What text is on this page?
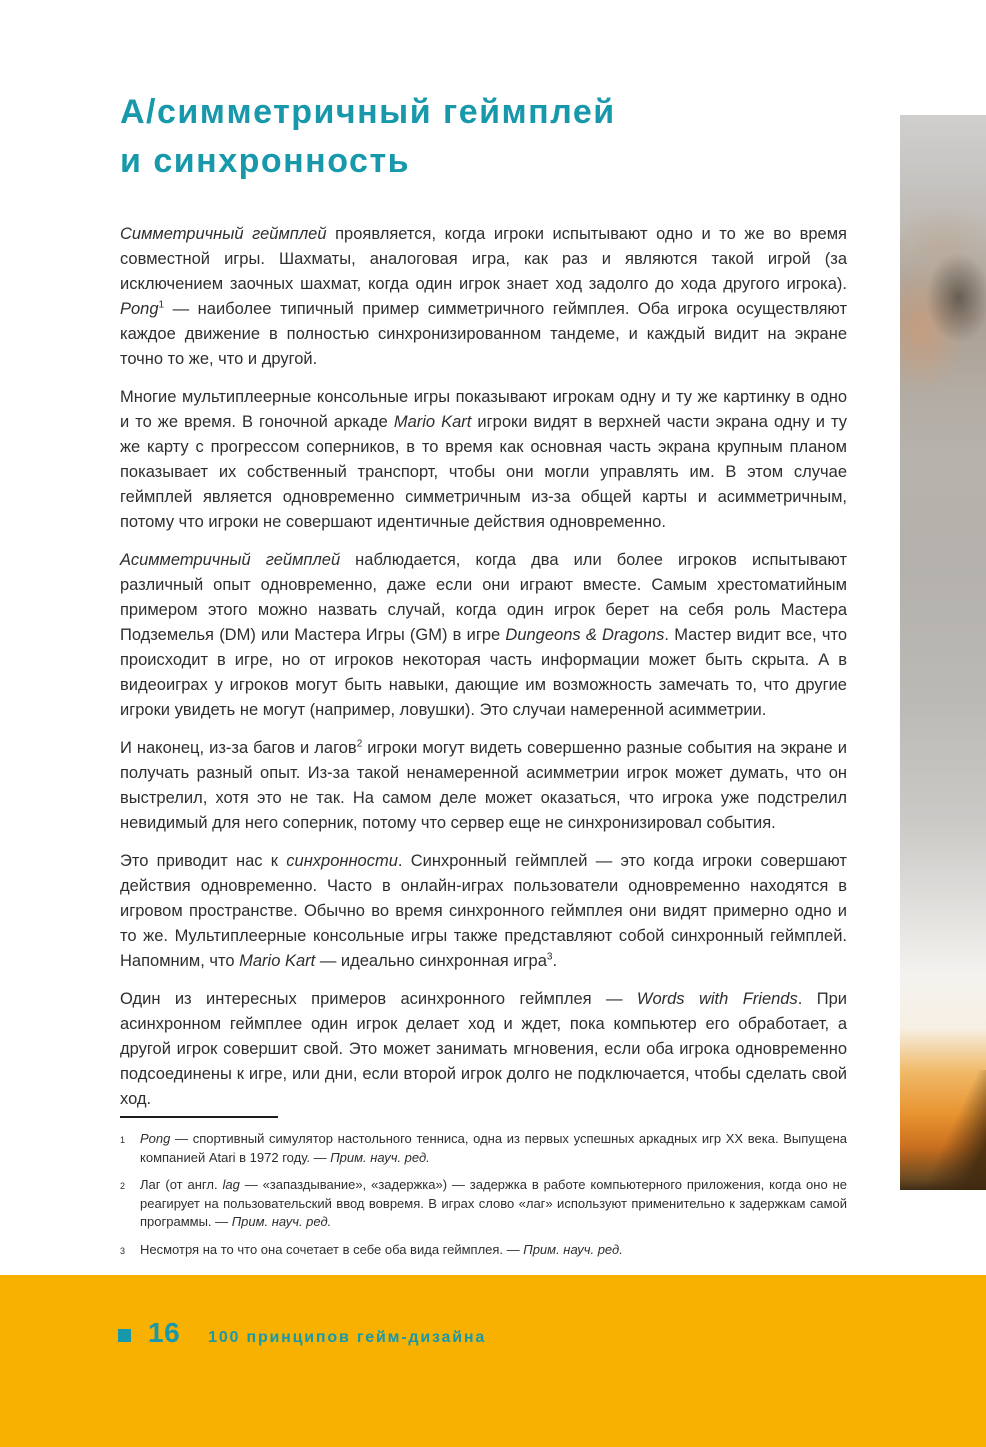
А/симметричный геймплей
и синхронность

Симметричный геймплей проявляется, когда игроки испытывают одно и то же во время совместной игры. Шахматы, аналоговая игра, как раз и являются такой игрой (за исключением заочных шахмат, когда один игрок знает ход задолго до хода другого игрока). Pong$^1$ — наиболее типичный пример симметричного геймплея. Оба игрока осуществляют каждое движение в полностью синхронизированном тандеме, и каждый видит на экране точно то же, что и другой.

Многие мультиплеерные консольные игры показывают игрокам одну и ту же картинку в одно и то же время. В гоночной аркаде Mario Kart игроки видят в верхней части экрана одну и ту же карту с прогрессом соперников, в то время как основная часть экрана крупным планом показывает их собственный транспорт, чтобы они могли управлять им. В этом случае геймплей является одновременно симметричным из-за общей карты и асимметричным, потому что игроки не совершают идентичные действия одновременно.

Асимметричный геймплей наблюдается, когда два или более игроков испытывают различный опыт одновременно, даже если они играют вместе. Самым хрестоматийным примером этого можно назвать случай, когда один игрок берет на себя роль Мастера Подземелья (DM) или Мастера Игры (GM) в игре Dungeons & Dragons. Мастер видит все, что происходит в игре, но от игроков некоторая часть информации может быть скрыта. А в видеоиграх у игроков могут быть навыки, дающие им возможность замечать то, что другие игроки увидеть не могут (например, ловушки). Это случаи намеренной асимметрии.

И наконец, из-за багов и лагов$^2$ игроки могут видеть совершенно разные события на экране и получать разный опыт. Из-за такой ненамеренной асимметрии игрок может думать, что он выстрелил, хотя это не так. На самом деле может оказаться, что игрока уже подстрелил невидимый для него соперник, потому что сервер еще не синхронизировал события.

Это приводит нас к синхронности. Синхронный геймплей — это когда игроки совершают действия одновременно. Часто в онлайн-играх пользователи одновременно находятся в игровом пространстве. Обычно во время синхронного геймплея они видят примерно одно и то же. Мультиплеерные консольные игры также представляют собой синхронный геймплей. Напомним, что Mario Kart — идеально синхронная игра$^3$.

Один из интересных примеров асинхронного геймплея — Words with Friends. При асинхронном геймплее один игрок делает ход и ждет, пока компьютер его обработает, а другой игрок совершит свой. Это может занимать мгновения, если оба игрока одновременно подсоединены к игре, или дни, если второй игрок долго не подключается, чтобы сделать свой ход.

1	Pong — спортивный симулятор настольного тенниса, одна из первых успешных аркадных игр XX века. Выпущена компанией Atari в 1972 году. — Прим. науч. ред.
2	Лаг (от англ. lag — «запаздывание», «задержка») — задержка в работе компьютерного приложения, когда оно не реагирует на пользовательский ввод вовремя. В играх слово «лаг» используют применительно к задержкам самой программы. — Прим. науч. ред.
3	Несмотря на то что она сочетает в себе оба вида геймплея. — Прим. науч. ред.
16 100 принципов гейм-дизайна
